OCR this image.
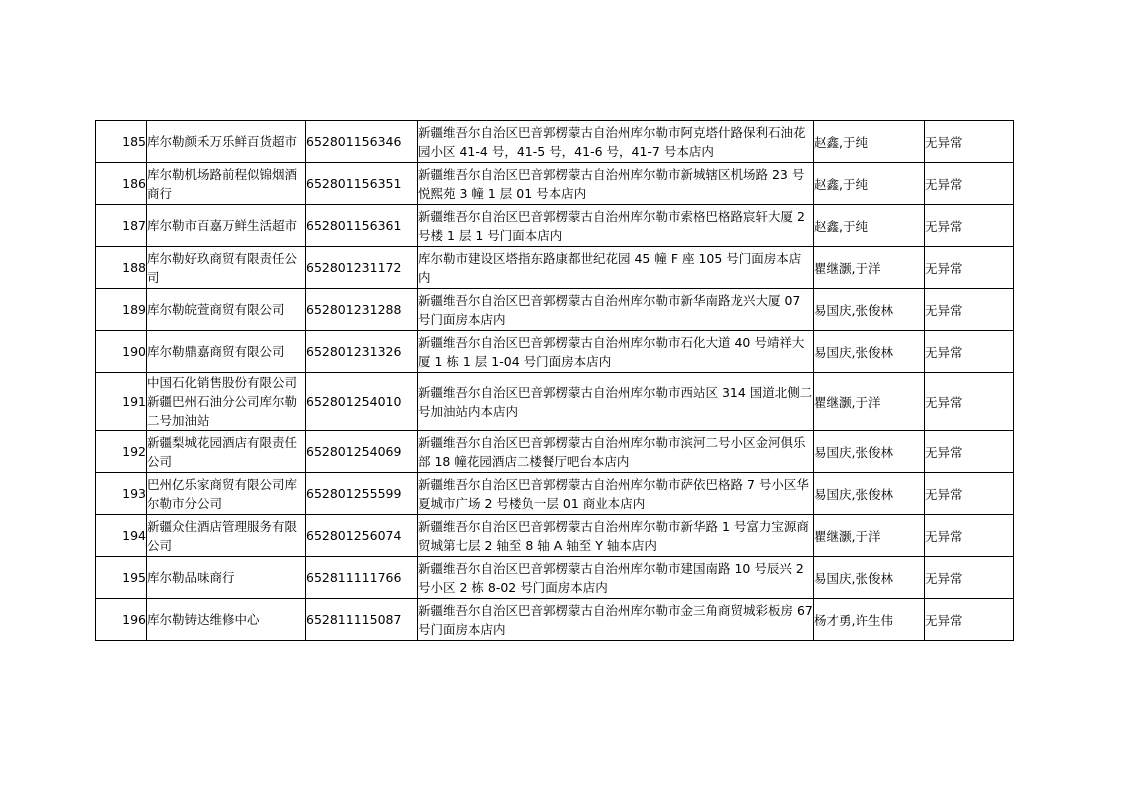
185	库尔勒颜禾万乐鲜百货超市	652801156346	新疆维吾尔自治区巴音郭楞蒙古自治州库尔勒市阿克塔什路保利石油花园小区 41-4 号，41-5 号，41-6 号，41-7 号本店内	赵鑫,于纯	无异常
186	库尔勒机场路前程似锦烟酒商行	652801156351	新疆维吾尔自治区巴音郭楞蒙古自治州库尔勒市新城辖区机场路 23 号悦熙苑 3 幢 1 层 01 号本店内	赵鑫,于纯	无异常
187	库尔勒市百嘉万鲜生活超市	652801156361	新疆维吾尔自治区巴音郭楞蒙古自治州库尔勒市索格巴格路宸轩大厦 2 号楼 1 层 1 号门面本店内	赵鑫,于纯	无异常
188	库尔勒好玖商贸有限责任公司	652801231172	库尔勒市建设区塔指东路康都世纪花园 45 幢 F 座 105 号门面房本店内	瞿继灏,于洋	无异常
189	库尔勒皖萱商贸有限公司	652801231288	新疆维吾尔自治区巴音郭楞蒙古自治州库尔勒市新华南路龙兴大厦 07 号门面房本店内	易国庆,张俊林	无异常
190	库尔勒鼎嘉商贸有限公司	652801231326	新疆维吾尔自治区巴音郭楞蒙古自治州库尔勒市石化大道 40 号靖祥大厦 1 栋 1 层 1-04 号门面房本店内	易国庆,张俊林	无异常
191	中国石化销售股份有限公司新疆巴州石油分公司库尔勒二号加油站	652801254010	新疆维吾尔自治区巴音郭楞蒙古自治州库尔勒市西站区 314 国道北侧二号加油站内本店内	瞿继灏,于洋	无异常
192	新疆梨城花园酒店有限责任公司	652801254069	新疆维吾尔自治区巴音郭楞蒙古自治州库尔勒市滨河二号小区金河俱乐部 18 幢花园酒店二楼餐厅吧台本店内	易国庆,张俊林	无异常
193	巴州亿乐家商贸有限公司库尔勒市分公司	652801255599	新疆维吾尔自治区巴音郭楞蒙古自治州库尔勒市萨依巴格路 7 号小区华夏城市广场 2 号楼负一层 01 商业本店内	易国庆,张俊林	无异常
194	新疆众住酒店管理服务有限公司	652801256074	新疆维吾尔自治区巴音郭楞蒙古自治州库尔勒市新华路 1 号富力宝源商贸城第七层 2 轴至 8 轴 A 轴至 Y 轴本店内	瞿继灏,于洋	无异常
195	库尔勒品味商行	652811111766	新疆维吾尔自治区巴音郭楞蒙古自治州库尔勒市建国南路 10 号辰兴 2 号小区 2 栋 8-02 号门面房本店内	易国庆,张俊林	无异常
196	库尔勒铸达维修中心	652811115087	新疆维吾尔自治区巴音郭楞蒙古自治州库尔勒市金三角商贸城彩板房 67 号门面房本店内	杨才勇,许生伟	无异常
